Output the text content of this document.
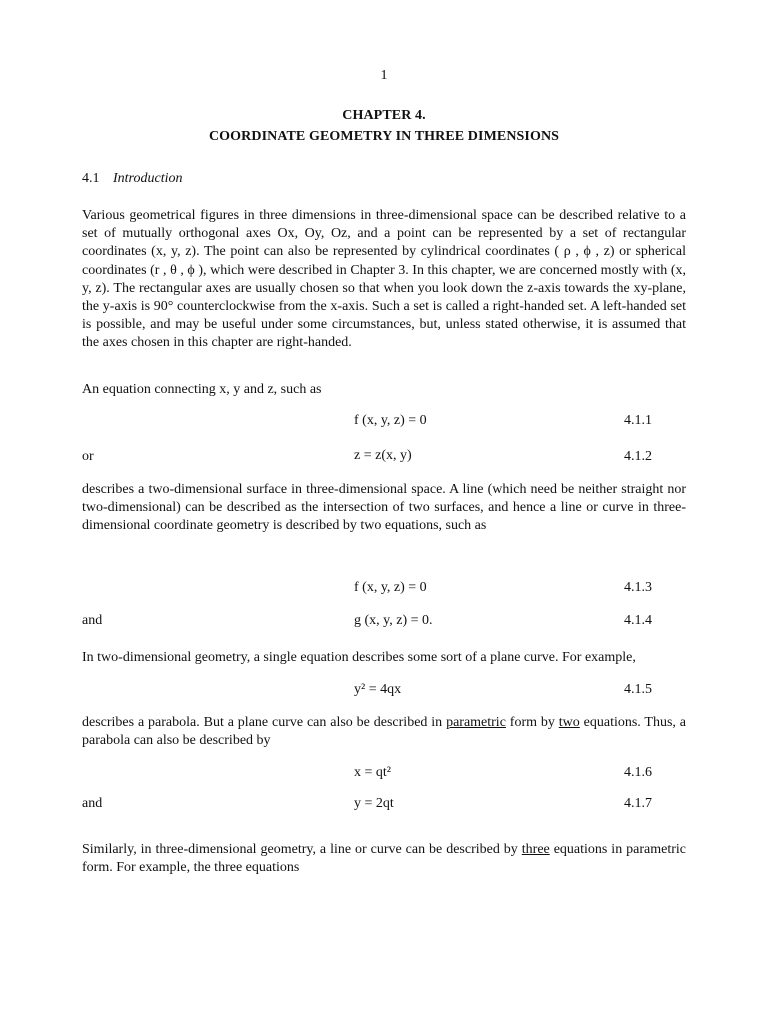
1
CHAPTER 4.
COORDINATE GEOMETRY IN THREE DIMENSIONS
4.1 Introduction
Various geometrical figures in three dimensions in three-dimensional space can be described relative to a set of mutually orthogonal axes Ox, Oy, Oz, and a point can be represented by a set of rectangular coordinates (x, y, z). The point can also be represented by cylindrical coordinates ( ρ , ϕ , z) or spherical coordinates (r , θ , ϕ ), which were described in Chapter 3. In this chapter, we are concerned mostly with (x, y, z). The rectangular axes are usually chosen so that when you look down the z-axis towards the xy-plane, the y-axis is 90° counterclockwise from the x-axis. Such a set is called a right-handed set. A left-handed set is possible, and may be useful under some circumstances, but, unless stated otherwise, it is assumed that the axes chosen in this chapter are right-handed.
An equation connecting x, y and z, such as
f (x, y, z) = 0	4.1.1
or	z = z(x, y)	4.1.2
describes a two-dimensional surface in three-dimensional space. A line (which need be neither straight nor two-dimensional) can be described as the intersection of two surfaces, and hence a line or curve in three-dimensional coordinate geometry is described by two equations, such as
f (x, y, z) = 0	4.1.3
and	g (x, y, z) = 0.	4.1.4
In two-dimensional geometry, a single equation describes some sort of a plane curve. For example,
y² = 4qx	4.1.5
describes a parabola. But a plane curve can also be described in parametric form by two equations. Thus, a parabola can also be described by
x = qt²	4.1.6
and	y = 2qt	4.1.7
Similarly, in three-dimensional geometry, a line or curve can be described by three equations in parametric form. For example, the three equations
